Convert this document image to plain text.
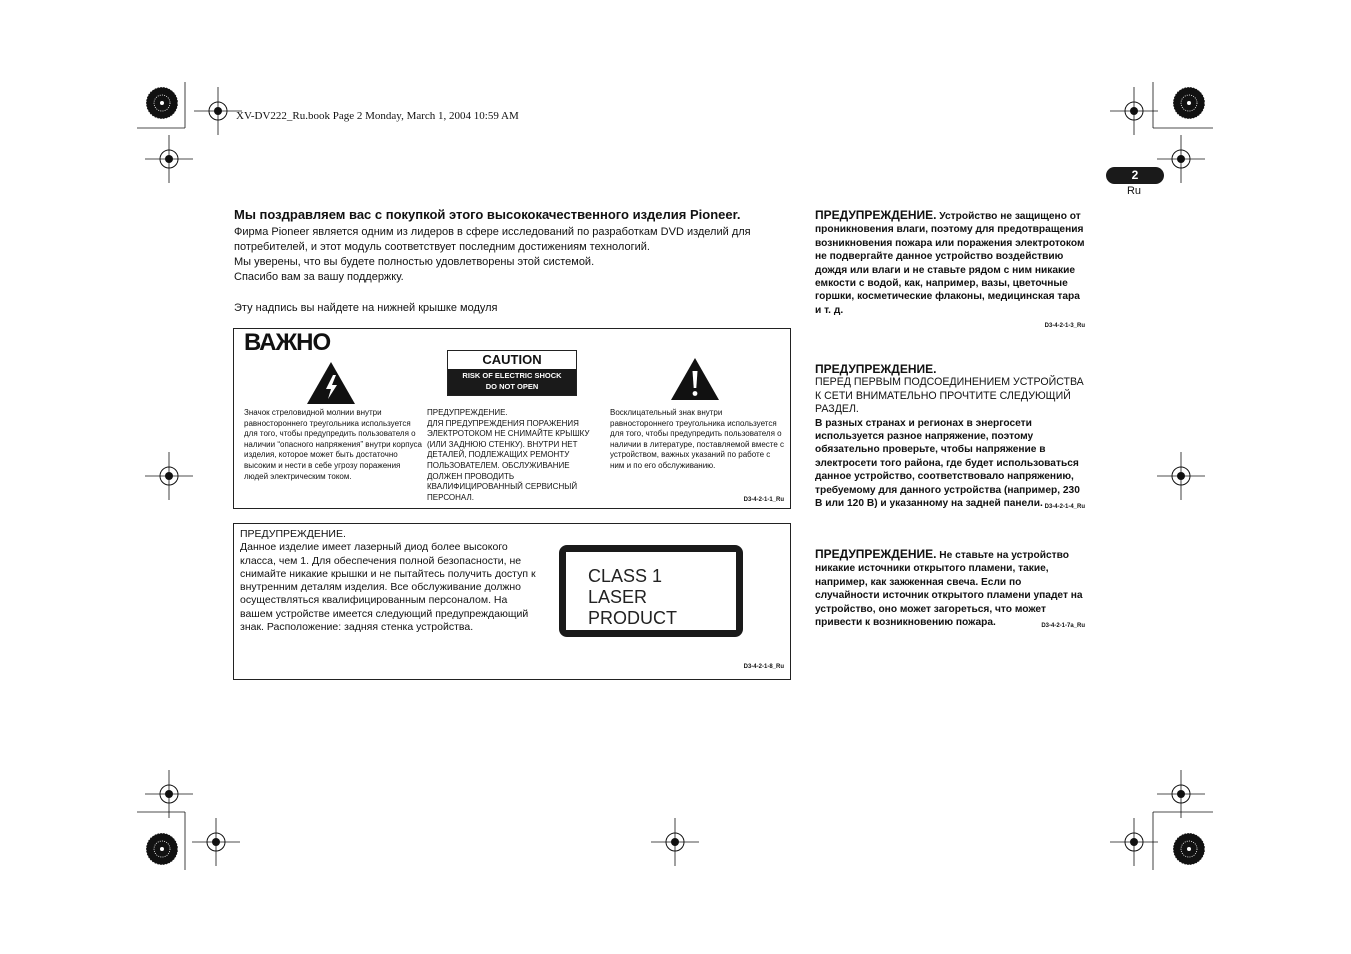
XV-DV222_Ru.book Page 2 Monday, March 1, 2004 10:59 AM
2
Ru
Мы поздравляем вас с покупкой этого высококачественного изделия Pioneer.
Фирма Pioneer является одним из лидеров в сфере исследований по разработкам DVD изделий для
потребителей, и этот модуль соответствует последним достижениям технологий.
Мы уверены, что вы будете полностью удовлетворены этой системой.
Спасибо вам за вашу поддержку.
Эту надпись вы найдете на нижней крышке модуля
ВАЖНО
CAUTION
RISK OF ELECTRIC SHOCK
DO NOT OPEN
Значок стреловидной молнии внутри равностороннего треугольника используется для того, чтобы предупредить пользователя о наличии “опасного напряжения” внутри корпуса изделия, которое может быть достаточно высоким и нести в себе угрозу поражения людей электрическим током.
ПРЕДУПРЕЖДЕНИЕ.
ДЛЯ ПРЕДУПРЕЖДЕНИЯ ПОРАЖЕНИЯ ЭЛЕКТРОТОКОМ НЕ СНИМАЙТЕ КРЫШКУ (ИЛИ ЗАДНЮЮ СТЕНКУ). ВНУТРИ НЕТ ДЕТАЛЕЙ, ПОДЛЕЖАЩИХ РЕМОНТУ ПОЛЬЗОВАТЕЛЕМ. ОБСЛУЖИВАНИЕ ДОЛЖЕН ПРОВОДИТЬ КВАЛИФИЦИРОВАННЫЙ СЕРВИСНЫЙ ПЕРСОНАЛ.
Восклицательный знак внутри равностороннего треугольника используется для того, чтобы предупредить пользователя о наличии в литературе, поставляемой вместе с устройством, важных указаний по работе с ним и по его обслуживанию.
D3-4-2-1-1_Ru
ПРЕДУПРЕЖДЕНИЕ.
Данное изделие имеет лазерный диод более высокого класса, чем 1. Для обеспечения полной безопасности, не снимайте никакие крышки и не пытайтесь получить доступ к внутренним деталям изделия. Все обслуживание должно осуществляться квалифицированным персоналом. На вашем устройстве имеется следующий предупреждающий знак. Расположение: задняя стенка устройства.
CLASS 1
LASER PRODUCT
D3-4-2-1-8_Ru
ПРЕДУПРЕЖДЕНИЕ. Устройство не защищено от проникновения влаги, поэтому для предотвращения возникновения пожара или поражения электротоком не подвергайте данное устройство воздействию дождя или влаги и не ставьте рядом с ним никакие емкости с водой, как, например, вазы, цветочные горшки, косметические флаконы, медицинская тара и т. д.
D3-4-2-1-3_Ru
ПРЕДУПРЕЖДЕНИЕ.
ПЕРЕД ПЕРВЫМ ПОДСОЕДИНЕНИЕМ УСТРОЙСТВА К СЕТИ ВНИМАТЕЛЬНО ПРОЧТИТЕ СЛЕДУЮЩИЙ РАЗДЕЛ.
В разных странах и регионах в энергосети используется разное напряжение, поэтому обязательно проверьте, чтобы напряжение в электросети того района, где будет использоваться данное устройство, соответствовало напряжению, требуемому для данного устройства (например, 230 В или 120 В) и указанному на задней панели. D3-4-2-1-4_Ru
ПРЕДУПРЕЖДЕНИЕ. Не ставьте на устройство никакие источники открытого пламени, такие, например, как зажженная свеча. Если по случайности источник открытого пламени упадет на устройство, оно может загореться, что может привести к возникновению пожара.	D3-4-2-1-7a_Ru
